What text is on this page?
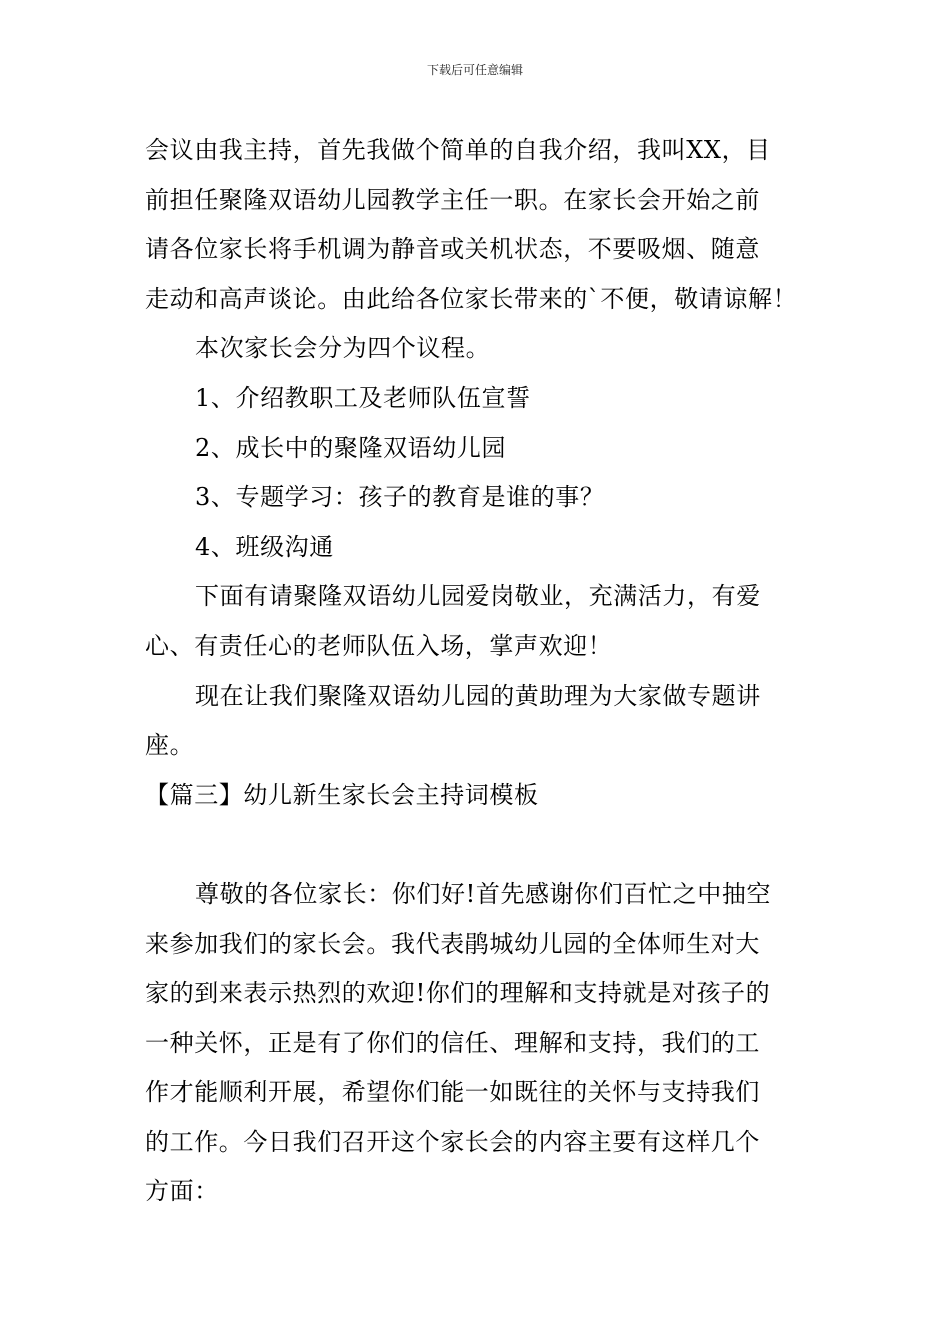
下载后可任意编辑
会议由我主持，首先我做个简单的自我介绍，我叫XX，目
前担任聚隆双语幼儿园教学主任一职。在家长会开始之前
请各位家长将手机调为静音或关机状态，不要吸烟、随意
走动和高声谈论。由此给各位家长带来的`不便，敬请谅解！
本次家长会分为四个议程。
1、介绍教职工及老师队伍宣誓
2、成长中的聚隆双语幼儿园
3、专题学习：孩子的教育是谁的事？
4、班级沟通
下面有请聚隆双语幼儿园爱岗敬业，充满活力，有爱
心、有责任心的老师队伍入场，掌声欢迎！
现在让我们聚隆双语幼儿园的黄助理为大家做专题讲
座。
【篇三】幼儿新生家长会主持词模板
尊敬的各位家长：你们好!首先感谢你们百忙之中抽空
来参加我们的家长会。我代表鹃城幼儿园的全体师生对大
家的到来表示热烈的欢迎!你们的理解和支持就是对孩子的
一种关怀，正是有了你们的信任、理解和支持，我们的工
作才能顺利开展，希望你们能一如既往的关怀与支持我们
的工作。今日我们召开这个家长会的内容主要有这样几个
方面：
